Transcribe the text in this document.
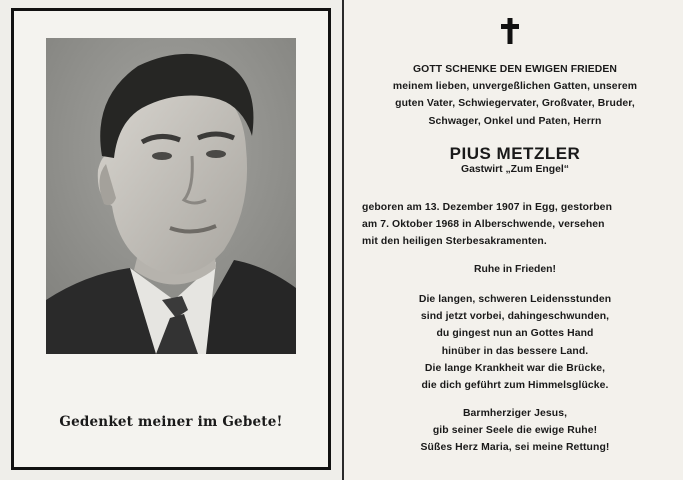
Gedenket meiner im Gebete!
GOTT SCHENKE DEN EWIGEN FRIEDEN
meinem lieben, unvergeßlichen Gatten, unserem
guten Vater, Schwiegervater, Großvater, Bruder,
Schwager, Onkel und Paten, Herrn
PIUS METZLER
Gastwirt „Zum Engel“
geboren am 13. Dezember 1907 in Egg, gestorben
am 7. Oktober 1968 in Alberschwende, versehen
mit den heiligen Sterbesakramenten.
Ruhe in Frieden!
Die langen, schweren Leidensstunden
sind jetzt vorbei, dahingeschwunden,
du gingest nun an Gottes Hand
hinüber in das bessere Land.
Die lange Krankheit war die Brücke,
die dich geführt zum Himmelsglücke.
Barmherziger Jesus,
gib seiner Seele die ewige Ruhe!
Süßes Herz Maria, sei meine Rettung!
